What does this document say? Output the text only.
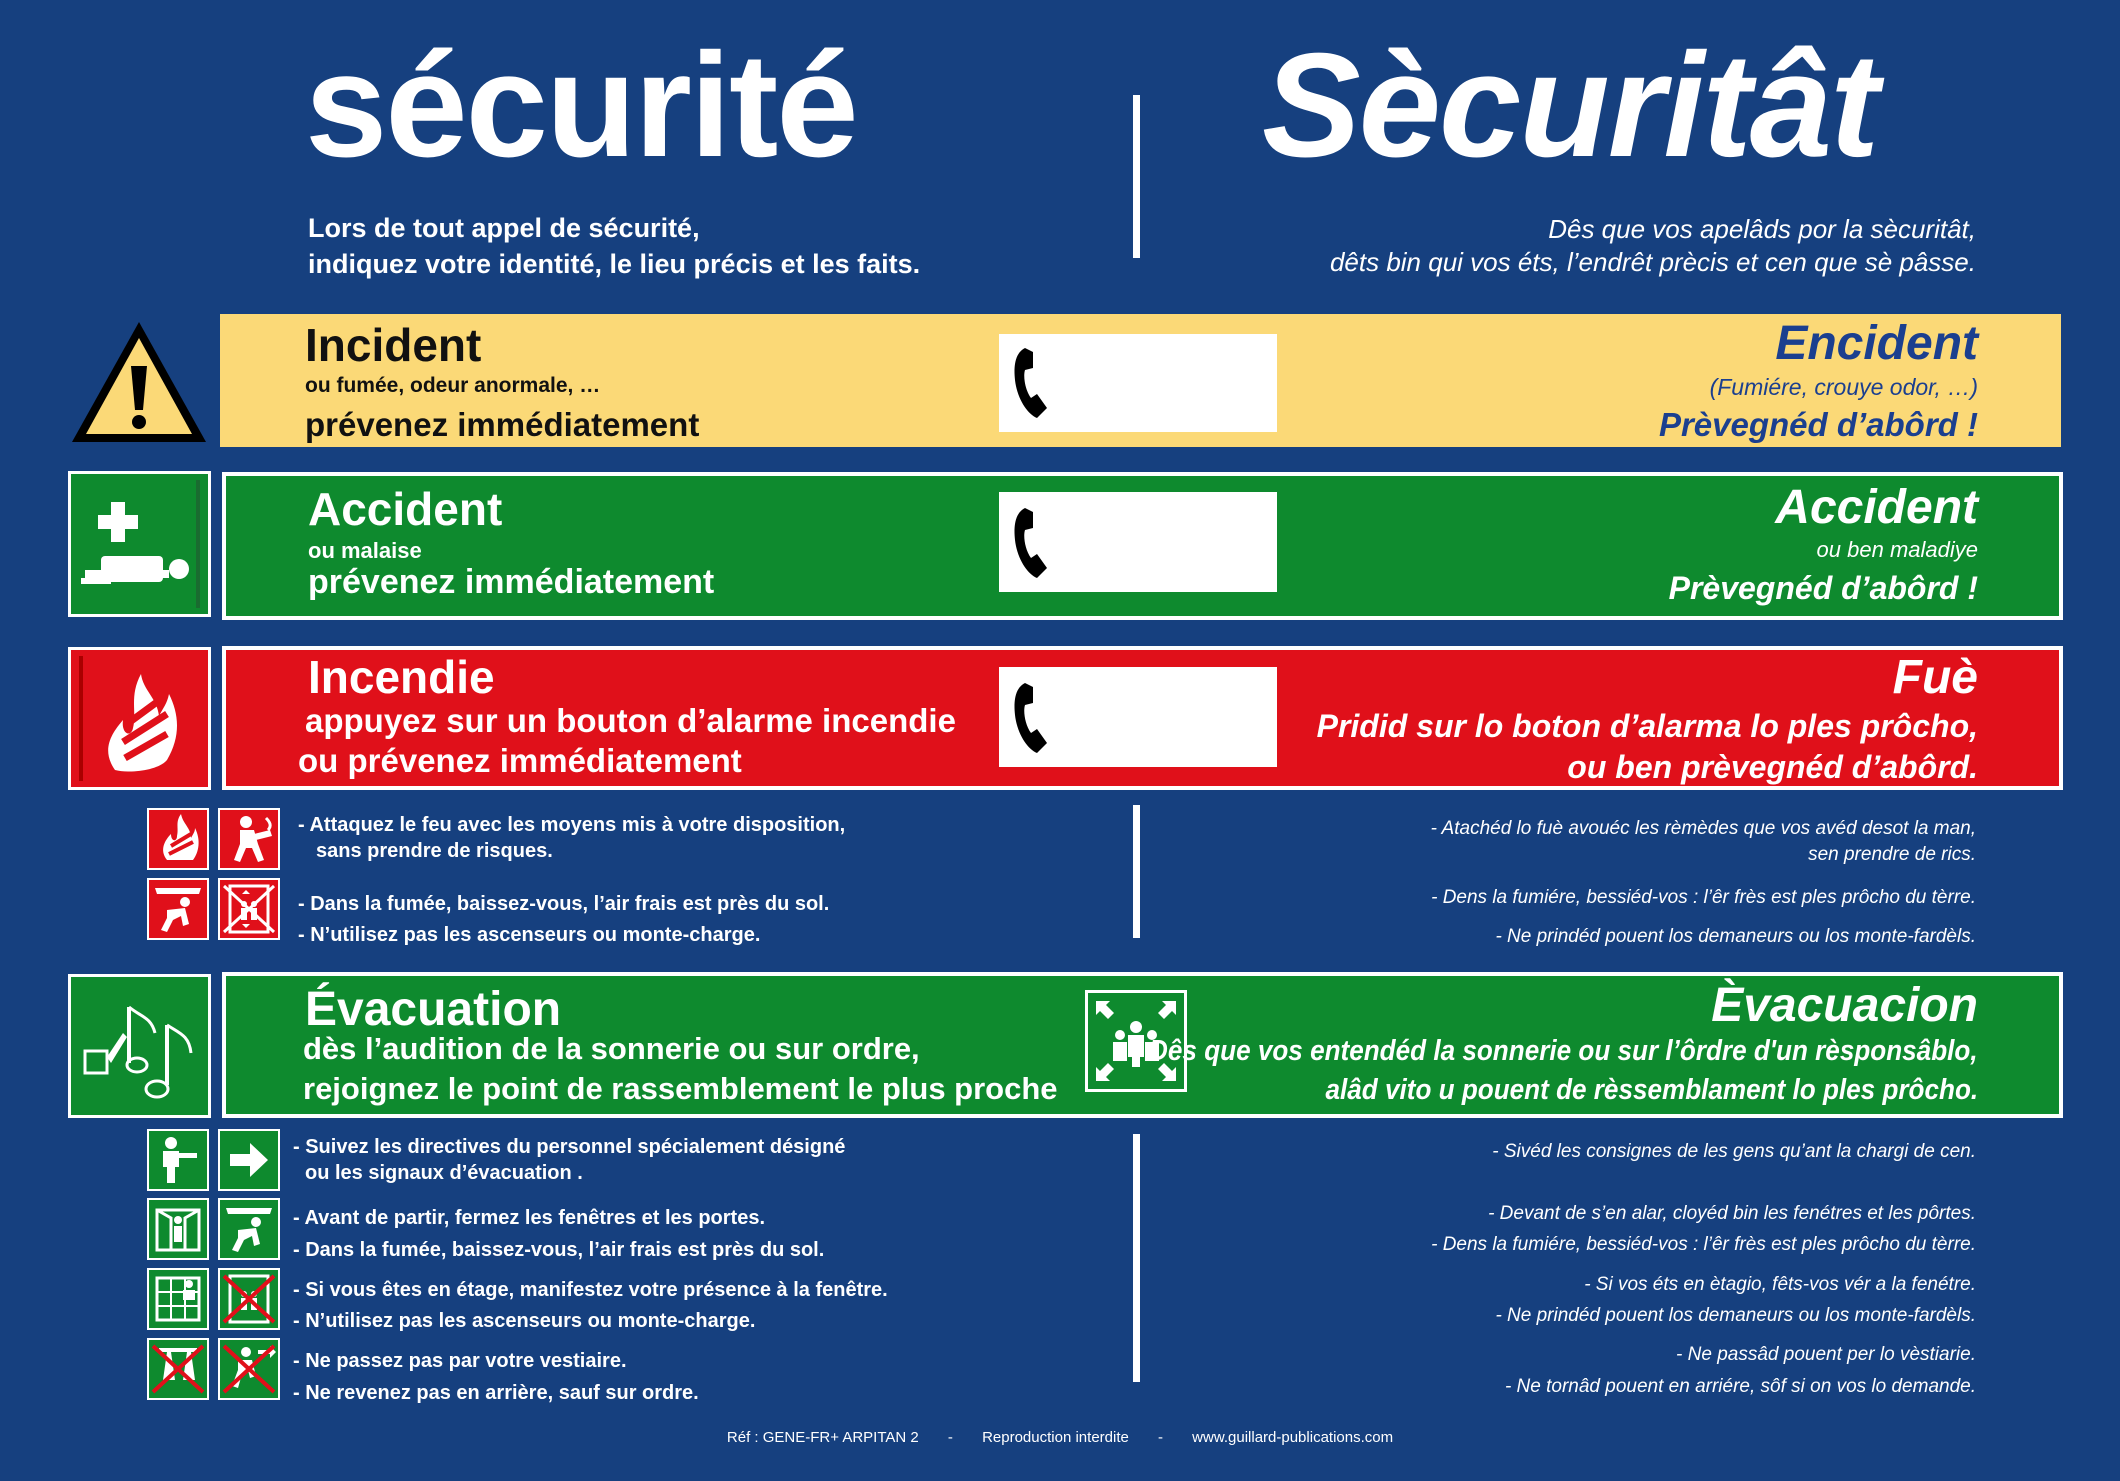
sécurité	Sècuritât
Lors de tout appel de sécurité,
indiquez votre identité, le lieu précis et les faits.
Dês que vos apelâds por la sècuritât,
dêts bin qui vos éts, l’endrêt prècis et cen que sè pâsse.
Incident
ou fumée, odeur anormale, …
prévenez immédiatement
Encident
(Fumiére, crouye odor, …)
Prèvegnéd d’abôrd !
Accident
ou malaise
prévenez immédiatement
Accident
ou ben maladiye
Prèvegnéd d’abôrd !
Incendie
appuyez sur un bouton d’alarme incendie
ou prévenez immédiatement
Fuè
Pridid sur lo boton d’alarma lo ples prôcho,
ou ben prèvegnéd d’abôrd.
- Attaquez le feu avec les moyens mis à votre disposition,
sans prendre de risques.
- Dans la fumée, baissez-vous, l’air frais est près du sol.
- N’utilisez pas les ascenseurs ou monte-charge.
- Atachéd lo fuè avouéc les rèmèdes que vos avéd desot la man,
sen prendre de rics.
- Dens la fumiére, bessiéd-vos : l’êr frès est ples prôcho du tèrre.
- Ne prindéd pouent los demaneurs ou los monte-fardèls.
Évacuation
dès l’audition de la sonnerie ou sur ordre,
rejoignez le point de rassemblement le plus proche
Èvacuacion
Dês que vos entendéd la sonnerie ou sur l’ôrdre d'un rèsponsâblo,
alâd vito u pouent de rèssemblament lo ples prôcho.
- Suivez les directives du personnel spécialement désigné
ou les signaux d’évacuation .
- Avant de partir, fermez les fenêtres et les portes.
- Dans la fumée, baissez-vous, l’air frais est près du sol.
- Si vous êtes en étage, manifestez votre présence à la fenêtre.
- N’utilisez pas les ascenseurs ou monte-charge.
- Ne passez pas par votre vestiaire.
- Ne revenez pas en arrière, sauf sur ordre.
- Sivéd les consignes de les gens qu’ant la chargi de cen.
- Devant de s’en alar, cloyéd bin les fenétres et les pôrtes.
- Dens la fumiére, bessiéd-vos : l’êr frès est ples prôcho du tèrre.
- Si vos éts en ètagio, fêts-vos vér a la fenétre.
- Ne prindéd pouent los demaneurs ou los monte-fardèls.
- Ne passâd pouent per lo vèstiarie.
- Ne tornâd pouent en arriére, sôf si on vos lo demande.
Réf : GENE-FR+ ARPITAN 2       -       Reproduction interdite       -       www.guillard-publications.com
